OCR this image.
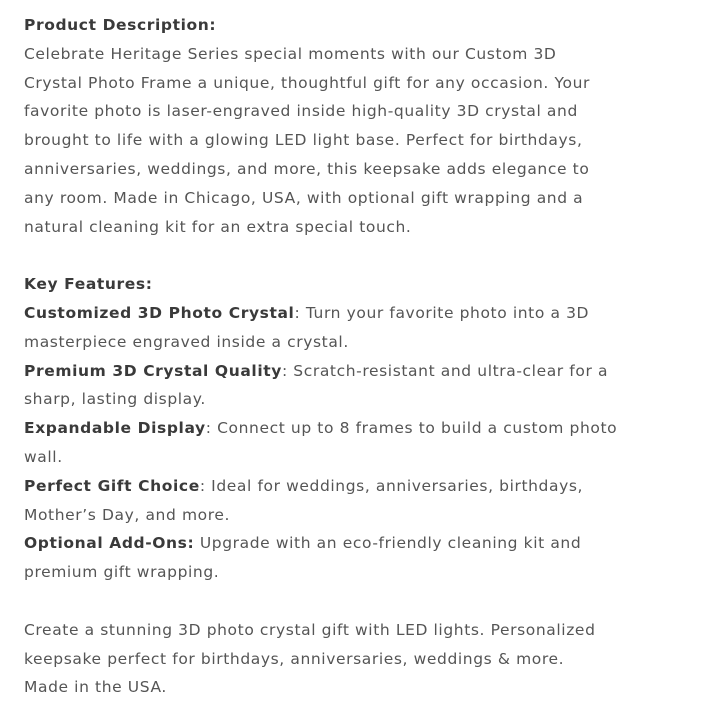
Product Description:
Celebrate Heritage Series special moments with our Custom 3D
Crystal Photo Frame a unique, thoughtful gift for any occasion. Your
favorite photo is laser-engraved inside high-quality 3D crystal and
brought to life with a glowing LED light base. Perfect for birthdays,
anniversaries, weddings, and more, this keepsake adds elegance to
any room. Made in Chicago, USA, with optional gift wrapping and a
natural cleaning kit for an extra special touch.
Key Features:
Customized 3D Photo Crystal: Turn your favorite photo into a 3D
masterpiece engraved inside a crystal.
Premium 3D Crystal Quality: Scratch-resistant and ultra-clear for a
sharp, lasting display.
Expandable Display: Connect up to 8 frames to build a custom photo
wall.
Perfect Gift Choice: Ideal for weddings, anniversaries, birthdays,
Mother’s Day, and more.
Optional Add-Ons: Upgrade with an eco-friendly cleaning kit and
premium gift wrapping.
Create a stunning 3D photo crystal gift with LED lights. Personalized
keepsake perfect for birthdays, anniversaries, weddings & more.
Made in the USA.
